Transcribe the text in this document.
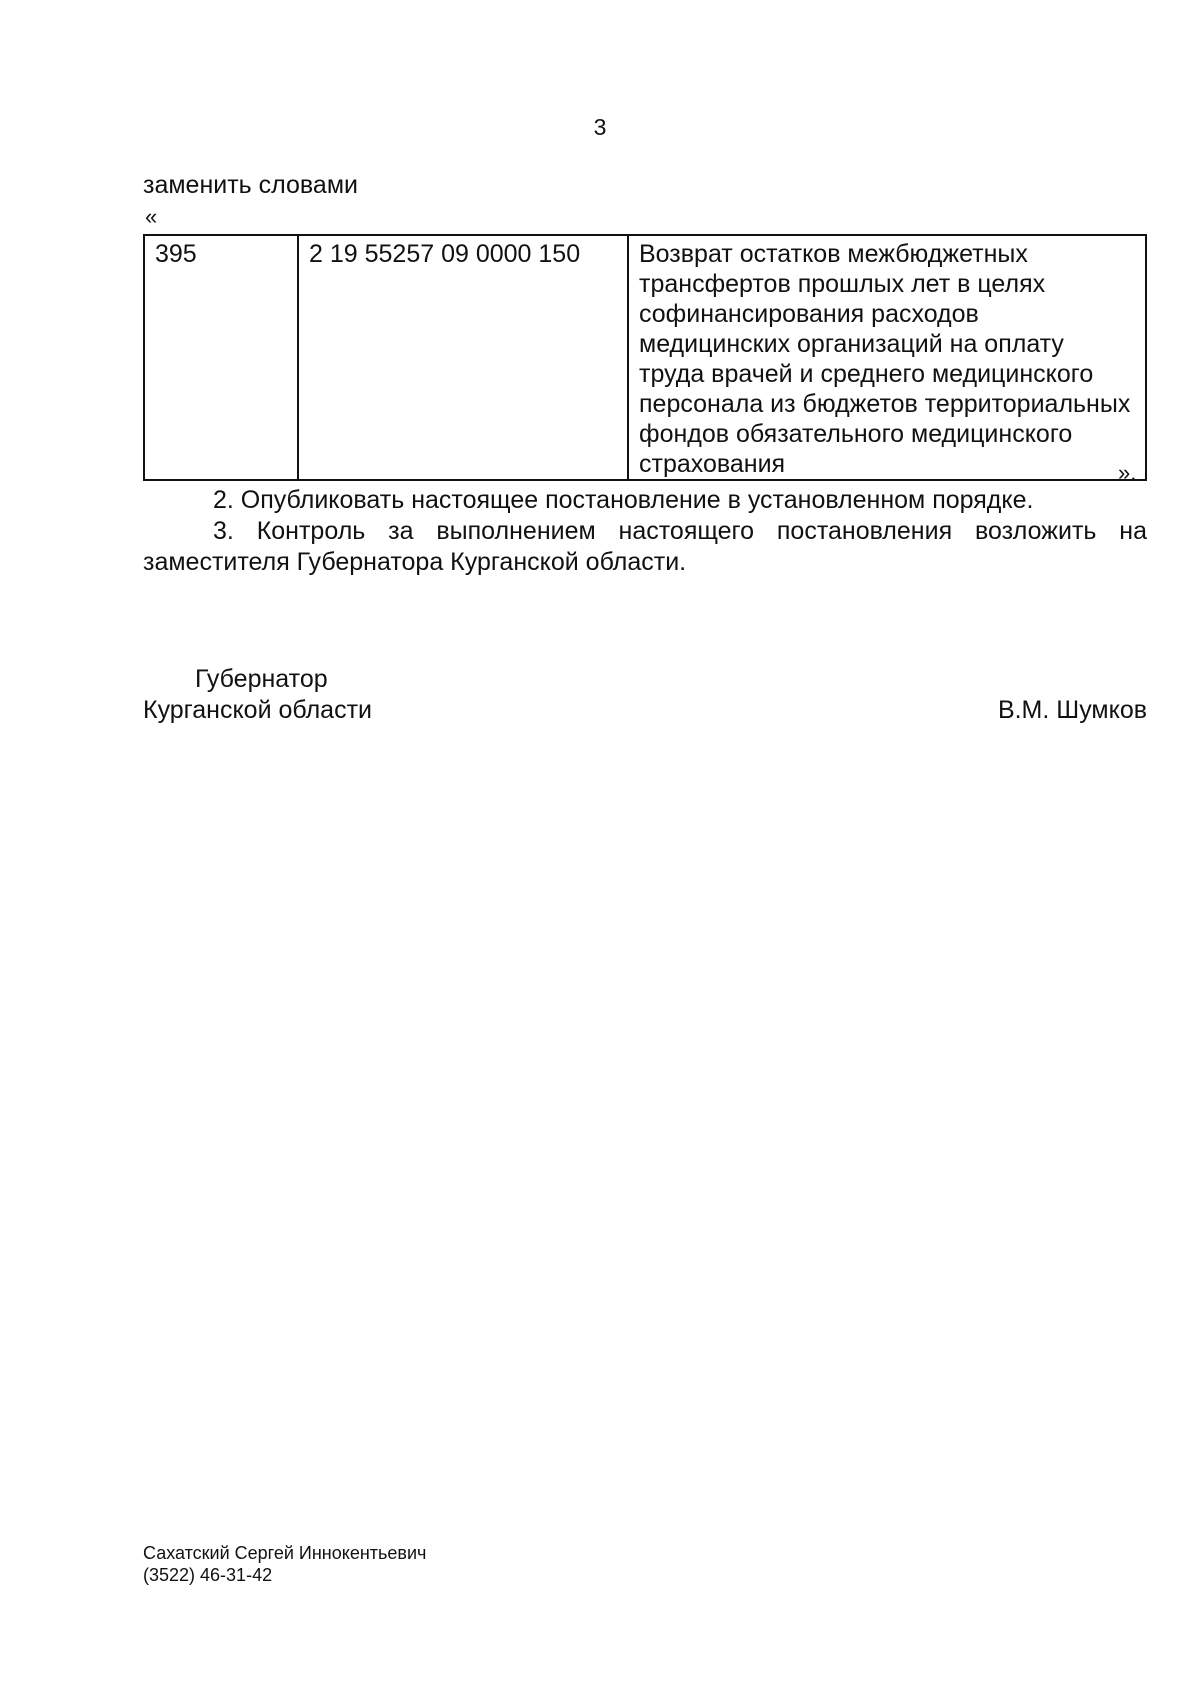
3
заменить словами
«
395	2 19 55257 09 0000 150	Возврат остатков межбюджетных трансфертов прошлых лет в целях софинансирования расходов медицинских организаций на оплату труда врачей и среднего медицинского персонала из бюджетов территориальных фондов обязательного медицинского страхования	».

2. Опубликовать настоящее постановление в установленном порядке.

3. Контроль за выполнением настоящего постановления возложить на заместителя Губернатора Курганской области.

Губернатор
Курганской области	В.М. Шумков
Сахатский Сергей Иннокентьевич
(3522) 46-31-42
